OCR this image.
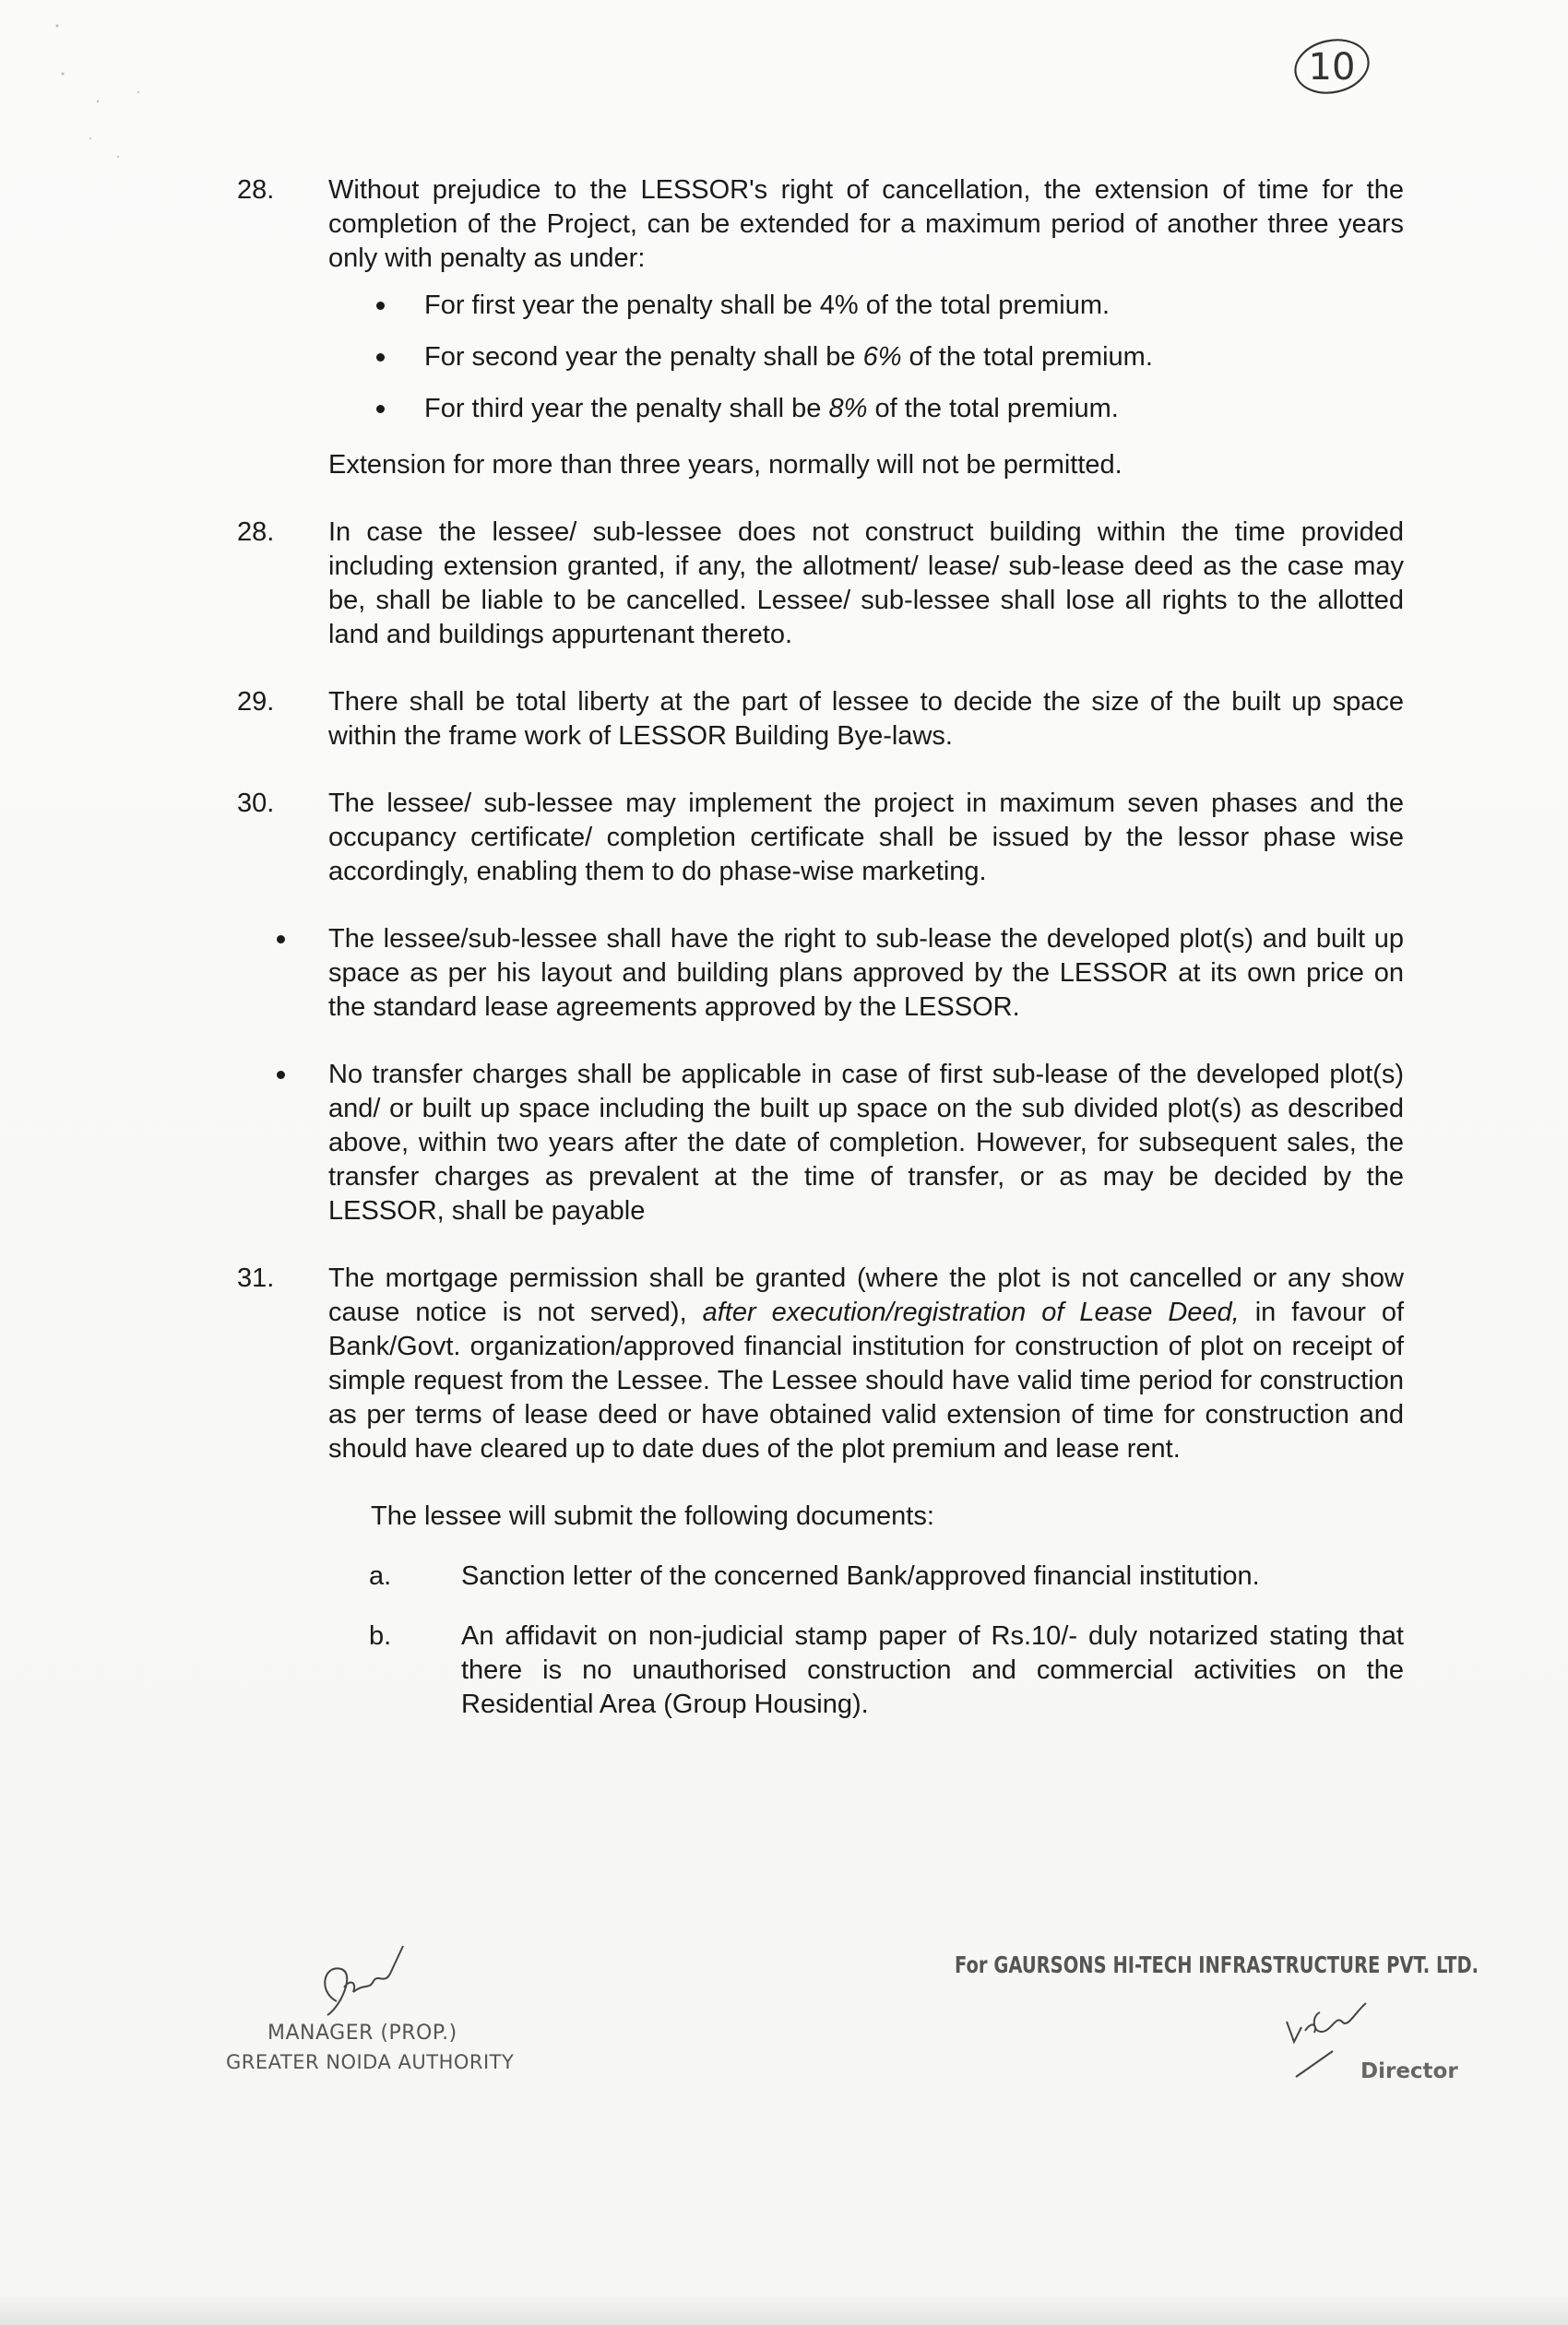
10
28. Without prejudice to the LESSOR's right of cancellation, the extension of time for the completion of the Project, can be extended for a maximum period of another three years only with penalty as under:
For first year the penalty shall be 4% of the total premium.
For second year the penalty shall be 6% of the total premium.
For third year the penalty shall be 8% of the total premium.
Extension for more than three years, normally will not be permitted.
28. In case the lessee/ sub-lessee does not construct building within the time provided including extension granted, if any, the allotment/ lease/ sub-lease deed as the case may be, shall be liable to be cancelled. Lessee/ sub-lessee shall lose all rights to the allotted land and buildings appurtenant thereto.
29. There shall be total liberty at the part of lessee to decide the size of the built up space within the frame work of LESSOR Building Bye-laws.
30. The lessee/ sub-lessee may implement the project in maximum seven phases and the occupancy certificate/ completion certificate shall be issued by the lessor phase wise accordingly, enabling them to do phase-wise marketing.
The lessee/sub-lessee shall have the right to sub-lease the developed plot(s) and built up space as per his layout and building plans approved by the LESSOR at its own price on the standard lease agreements approved by the LESSOR.
No transfer charges shall be applicable in case of first sub-lease of the developed plot(s) and/ or built up space including the built up space on the sub divided plot(s) as described above, within two years after the date of completion. However, for subsequent sales, the transfer charges as prevalent at the time of transfer, or as may be decided by the LESSOR, shall be payable
31. The mortgage permission shall be granted (where the plot is not cancelled or any show cause notice is not served), after execution/registration of Lease Deed, in favour of Bank/Govt. organization/approved financial institution for construction of plot on receipt of simple request from the Lessee. The Lessee should have valid time period for construction as per terms of lease deed or have obtained valid extension of time for construction and should have cleared up to date dues of the plot premium and lease rent.
The lessee will submit the following documents:
a.	Sanction letter of the concerned Bank/approved financial institution.
b.	An affidavit on non-judicial stamp paper of Rs.10/- duly notarized stating that there is no unauthorised construction and commercial activities on the Residential Area (Group Housing).
MANAGER (PROP.)
GREATER NOIDA AUTHORITY
For GAURSONS HI-TECH INFRASTRUCTURE PVT. LTD.
Director
